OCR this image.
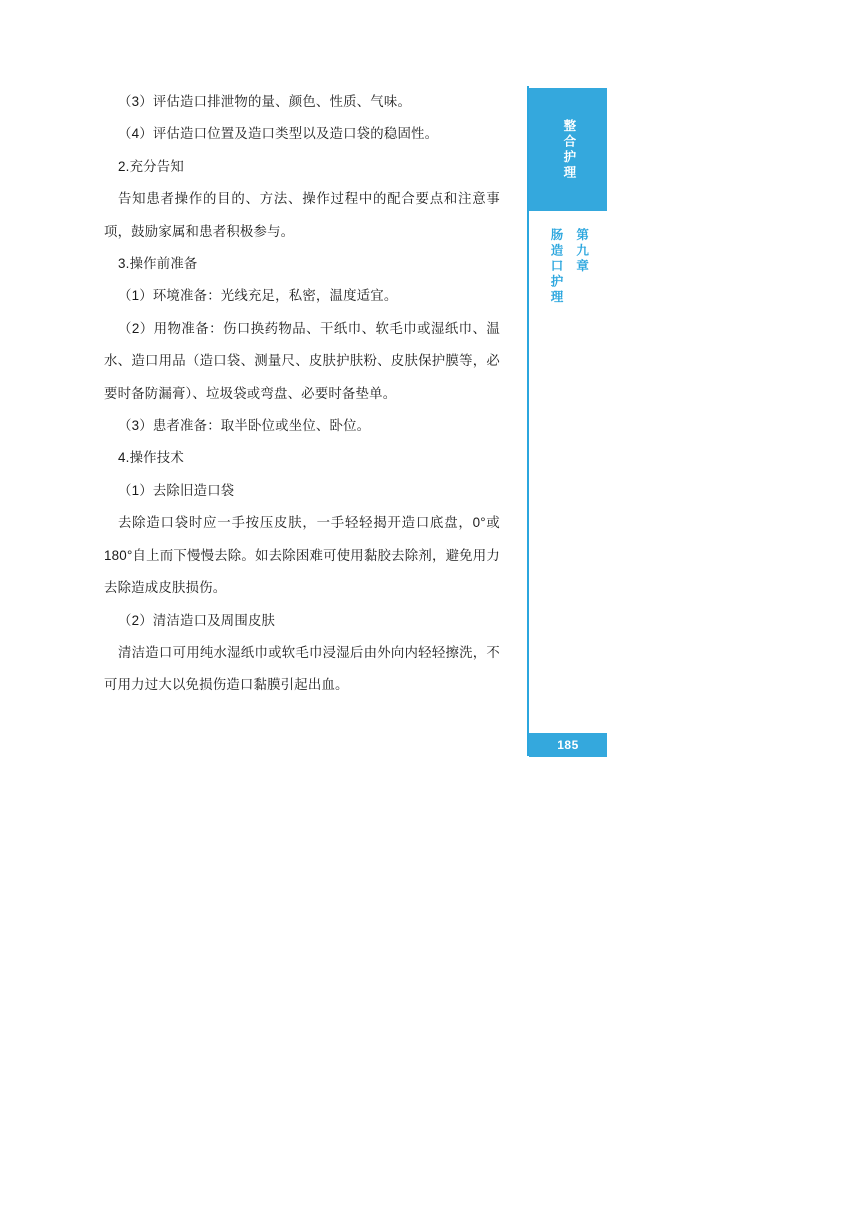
（3）评估造口排泄物的量、颜色、性质、气味。

（4）评估造口位置及造口类型以及造口袋的稳固性。

2.充分告知

告知患者操作的目的、方法、操作过程中的配合要点和注意事项，鼓励家属和患者积极参与。

3.操作前准备

（1）环境准备：光线充足，私密，温度适宜。

（2）用物准备：伤口换药物品、干纸巾、软毛巾或湿纸巾、温水、造口用品（造口袋、测量尺、皮肤护肤粉、皮肤保护膜等，必要时备防漏膏）、垃圾袋或弯盘、必要时备垫单。

（3）患者准备：取半卧位或坐位、卧位。

4.操作技术

（1）去除旧造口袋

去除造口袋时应一手按压皮肤，一手轻轻揭开造口底盘，0°或180°自上而下慢慢去除。如去除困难可使用黏胶去除剂，避免用力去除造成皮肤损伤。

（2）清洁造口及周围皮肤

清洁造口可用纯水湿纸巾或软毛巾浸湿后由外向内轻轻擦洗，不可用力过大以免损伤造口黏膜引起出血。

整合护理
第九章
肠造口护理
185
